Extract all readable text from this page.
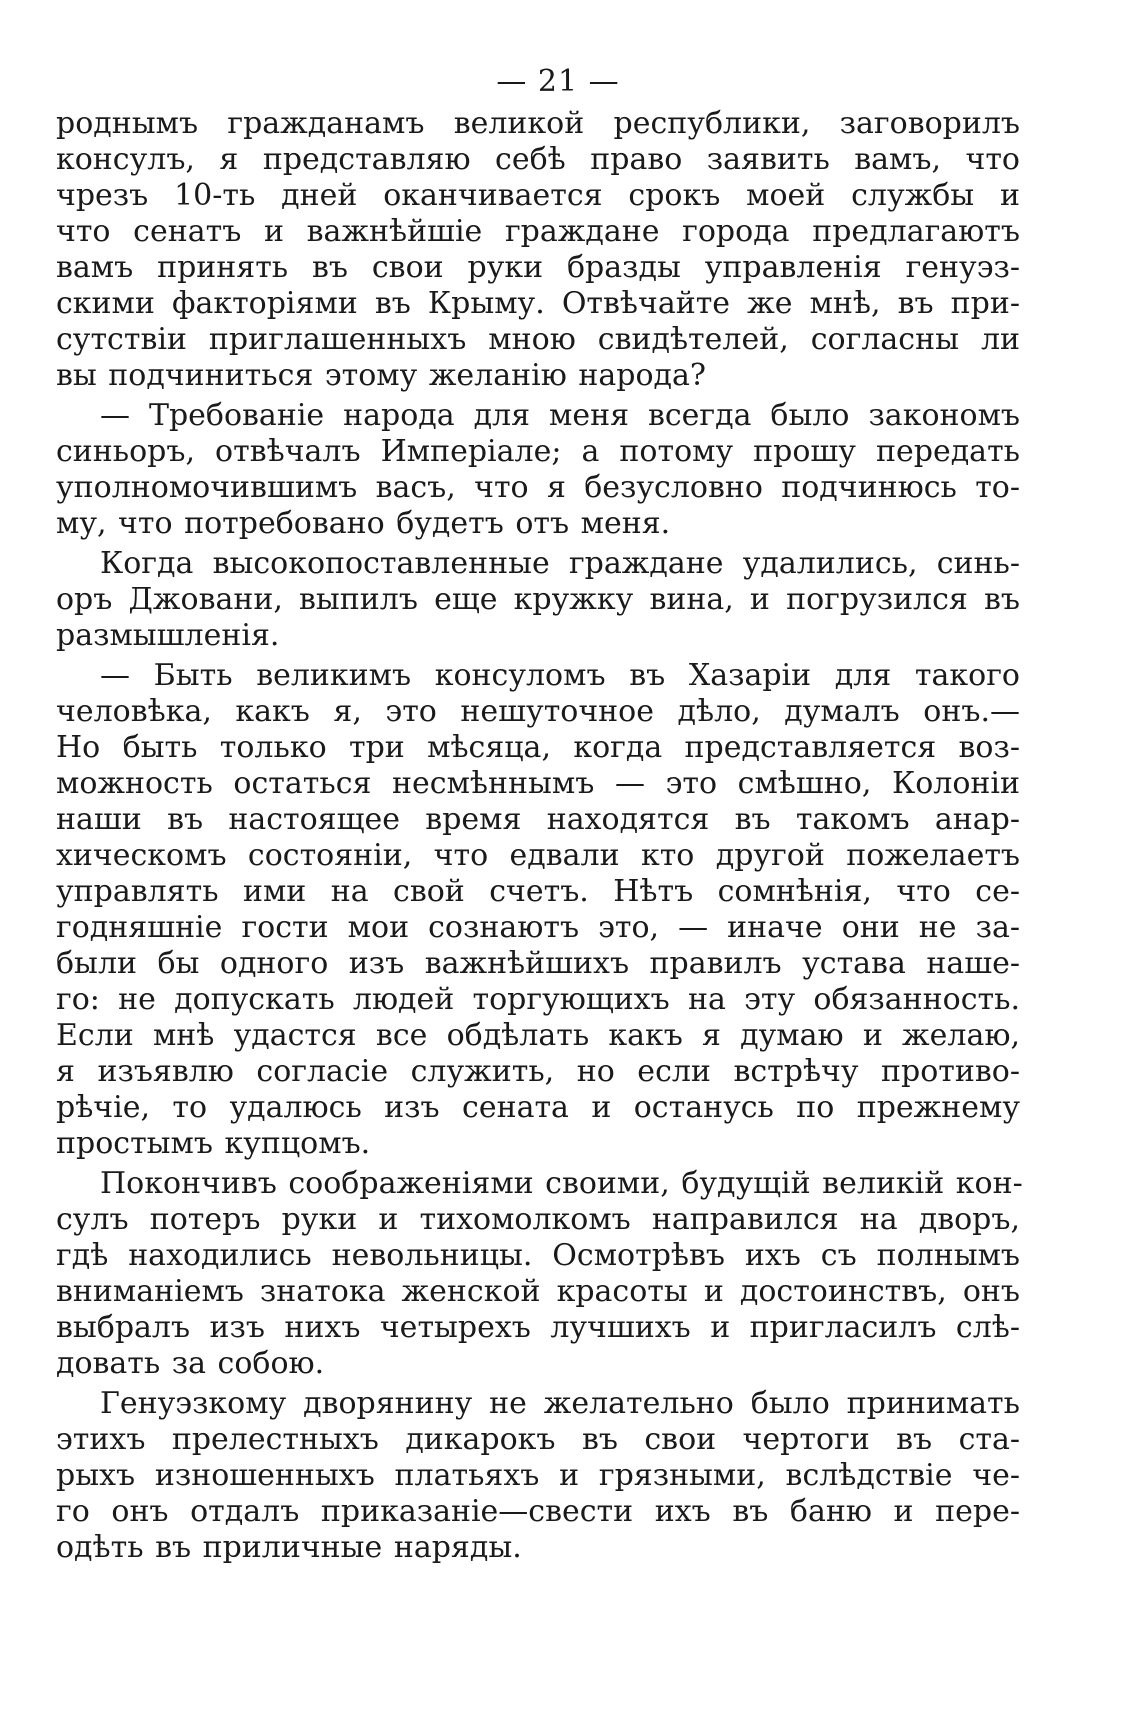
— 21 —
роднымъ гражданамъ великой республики, заговорилъ
консулъ, я представляю себѣ право заявить вамъ, что
чрезъ 10-ть дней оканчивается срокъ моей службы и
что сенатъ и важнѣйшіе граждане города предлагаютъ
вамъ принять въ свои руки бразды управленія генуэз-
скими факторіями въ Крыму. Отвѣчайте же мнѣ, въ при-
сутствіи приглашенныхъ мною свидѣтелей, согласны ли
вы подчиниться этому желанію народа?
— Требованіе народа для меня всегда было закономъ
синьоръ, отвѣчалъ Имперіале; а потому прошу передать
уполномочившимъ васъ, что я безусловно подчинюсь то-
му, что потребовано будетъ отъ меня.
Когда высокопоставленные граждане удалились, синь-
оръ Джовани, выпилъ еще кружку вина, и погрузился въ
размышленія.
— Быть великимъ консуломъ въ Хазаріи для такого
человѣка, какъ я, это нешуточное дѣло, думалъ онъ.—
Но быть только три мѣсяца, когда представляется воз-
можность остаться несмѣннымъ — это смѣшно, Колоніи
наши въ настоящее время находятся въ такомъ анар-
хическомъ состояніи, что едвали кто другой пожелаетъ
управлять ими на свой счетъ. Нѣтъ сомнѣнія, что се-
годняшніе гости мои сознаютъ это, — иначе они не за-
были бы одного изъ важнѣйшихъ правилъ устава наше-
го: не допускать людей торгующихъ на эту обязанность.
Если мнѣ удастся все обдѣлать какъ я думаю и желаю,
я изъявлю согласіе служить, но если встрѣчу противо-
рѣчіе, то удалюсь изъ сената и останусь по прежнему
простымъ купцомъ.
Покончивъ соображеніями своими, будущій великій кон-
сулъ потеръ руки и тихомолкомъ направился на дворъ,
гдѣ находились невольницы. Осмотрѣвъ ихъ съ полнымъ
вниманіемъ знатока женской красоты и достоинствъ, онъ
выбралъ изъ нихъ четырехъ лучшихъ и пригласилъ слѣ-
довать за собою.
Генуэзкому дворянину не желательно было принимать
этихъ прелестныхъ дикарокъ въ свои чертоги въ ста-
рыхъ изношенныхъ платьяхъ и грязными, вслѣдствіе че-
го онъ отдалъ приказаніе—свести ихъ въ баню и пере-
одѣть въ приличные наряды.
